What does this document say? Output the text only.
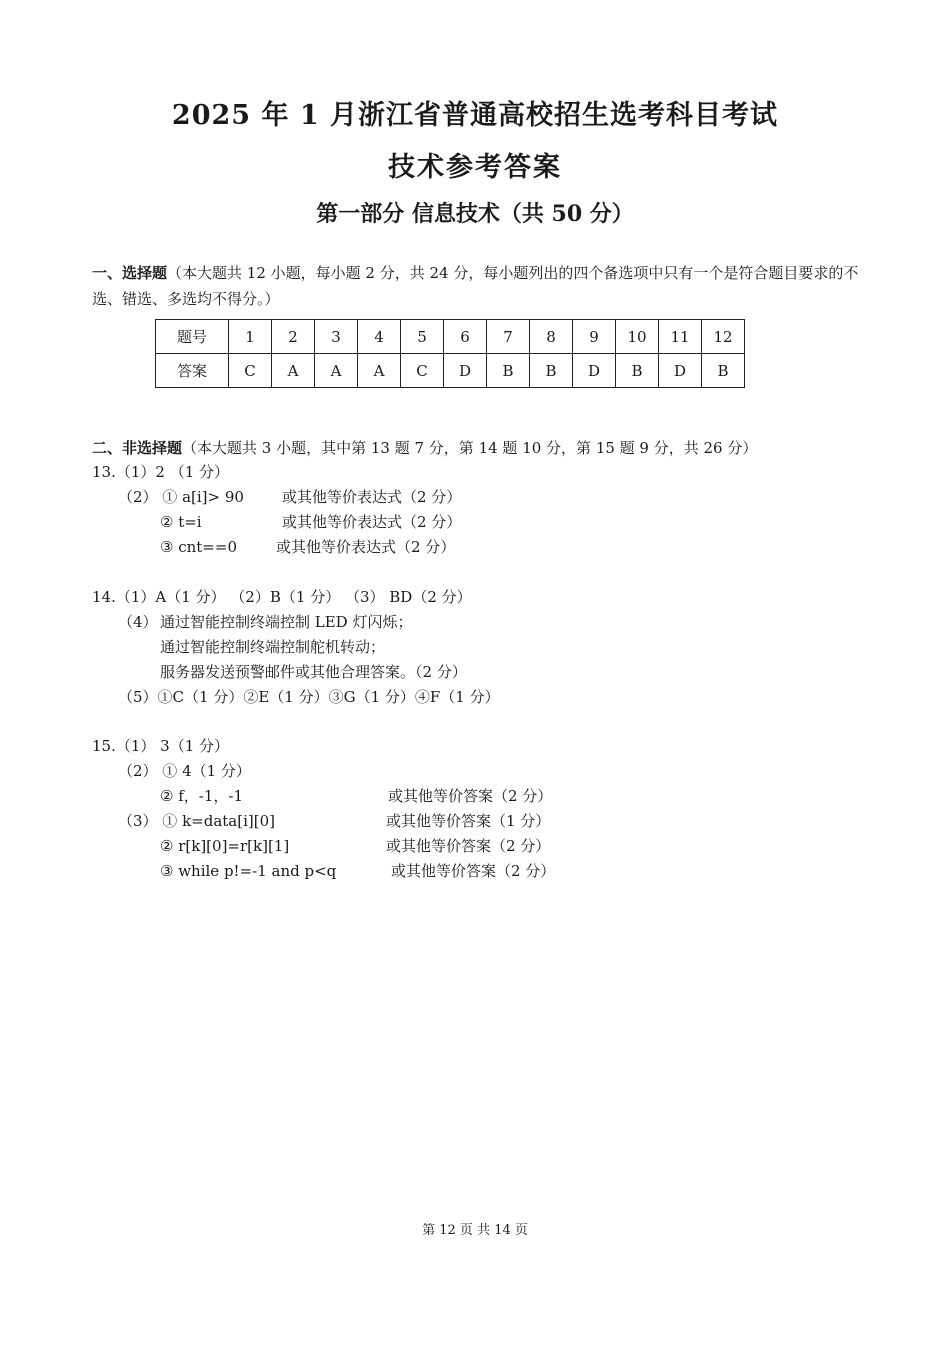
2025 年 1 月浙江省普通高校招生选考科目考试
技术参考答案
第一部分 信息技术（共 50 分）
一、选择题（本大题共 12 小题，每小题 2 分，共 24 分，每小题列出的四个备选项中只有一个是符合题目要求的不选、错选、多选均不得分。）
题号	1	2	3	4	5	6	7	8	9	10	11	12
答案	C	A	A	A	C	D	B	B	D	B	D	B
二、非选择题（本大题共 3 小题，其中第 13 题 7 分，第 14 题 10 分，第 15 题 9 分，共 26 分）
13.（1）2 （1 分）
（2） ① a[i]> 90	或其他等价表达式（2 分）
② t=i	或其他等价表达式（2 分）
③ cnt==0	或其他等价表达式（2 分）
14.（1）A（1 分） （2）B（1 分） （3） BD（2 分）
（4） 通过智能控制终端控制 LED 灯闪烁；
通过智能控制终端控制舵机转动；
服务器发送预警邮件或其他合理答案。（2 分）
（5）①C（1 分）②E（1 分）③G（1 分）④F（1 分）
15.（1） 3（1 分）
（2） ① 4（1 分）
② f，-1，-1	或其他等价答案（2 分）
（3） ① k=data[i][0]	或其他等价答案（1 分）
② r[k][0]=r[k][1]	或其他等价答案（2 分）
③ while p!=-1 and p<q	或其他等价答案（2 分）
第 12 页 共 14 页
